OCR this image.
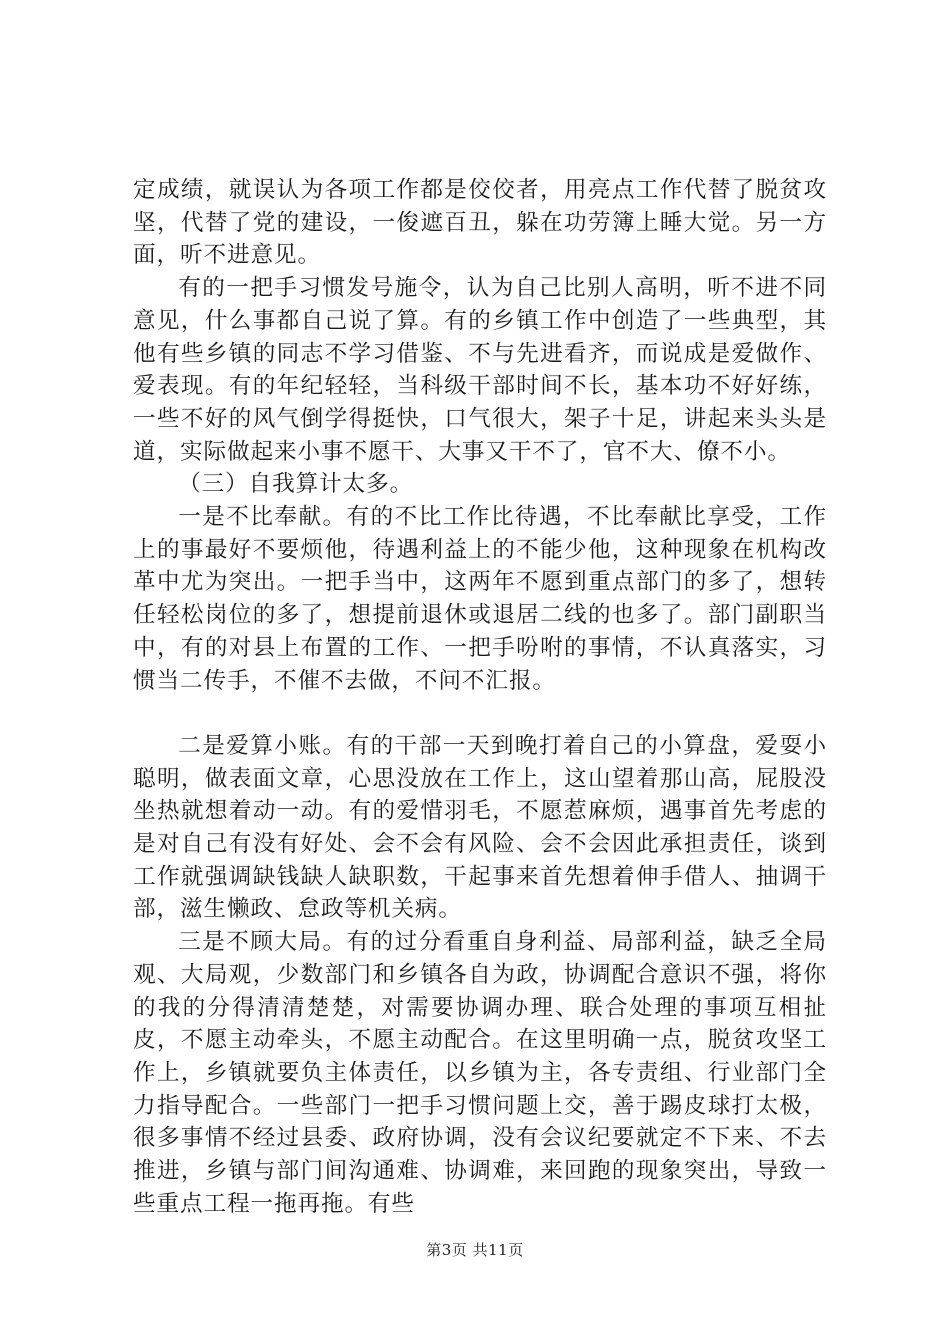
定成绩，就误认为各项工作都是佼佼者，用亮点工作代替了脱贫攻坚，代替了党的建设，一俊遮百丑，躲在功劳簿上睡大觉。另一方面，听不进意见。

有的一把手习惯发号施令，认为自己比别人高明，听不进不同意见，什么事都自己说了算。有的乡镇工作中创造了一些典型，其他有些乡镇的同志不学习借鉴、不与先进看齐，而说成是爱做作、爱表现。有的年纪轻轻，当科级干部时间不长，基本功不好好练，一些不好的风气倒学得挺快，口气很大，架子十足，讲起来头头是道，实际做起来小事不愿干、大事又干不了，官不大、僚不小。

（三）自我算计太多。

一是不比奉献。有的不比工作比待遇，不比奉献比享受，工作上的事最好不要烦他，待遇利益上的不能少他，这种现象在机构改革中尤为突出。一把手当中，这两年不愿到重点部门的多了，想转任轻松岗位的多了，想提前退休或退居二线的也多了。部门副职当中，有的对县上布置的工作、一把手吩咐的事情，不认真落实，习惯当二传手，不催不去做，不问不汇报。

二是爱算小账。有的干部一天到晚打着自己的小算盘，爱耍小聪明，做表面文章，心思没放在工作上，这山望着那山高，屁股没坐热就想着动一动。有的爱惜羽毛，不愿惹麻烦，遇事首先考虑的是对自己有没有好处、会不会有风险、会不会因此承担责任，谈到工作就强调缺钱缺人缺职数，干起事来首先想着伸手借人、抽调干部，滋生懒政、怠政等机关病。

三是不顾大局。有的过分看重自身利益、局部利益，缺乏全局观、大局观，少数部门和乡镇各自为政，协调配合意识不强，将你的我的分得清清楚楚，对需要协调办理、联合处理的事项互相扯皮，不愿主动牵头，不愿主动配合。在这里明确一点，脱贫攻坚工作上，乡镇就要负主体责任，以乡镇为主，各专责组、行业部门全力指导配合。一些部门一把手习惯问题上交，善于踢皮球打太极，很多事情不经过县委、政府协调，没有会议纪要就定不下来、不去推进，乡镇与部门间沟通难、协调难，来回跑的现象突出，导致一些重点工程一拖再拖。有些

第3页 共11页
